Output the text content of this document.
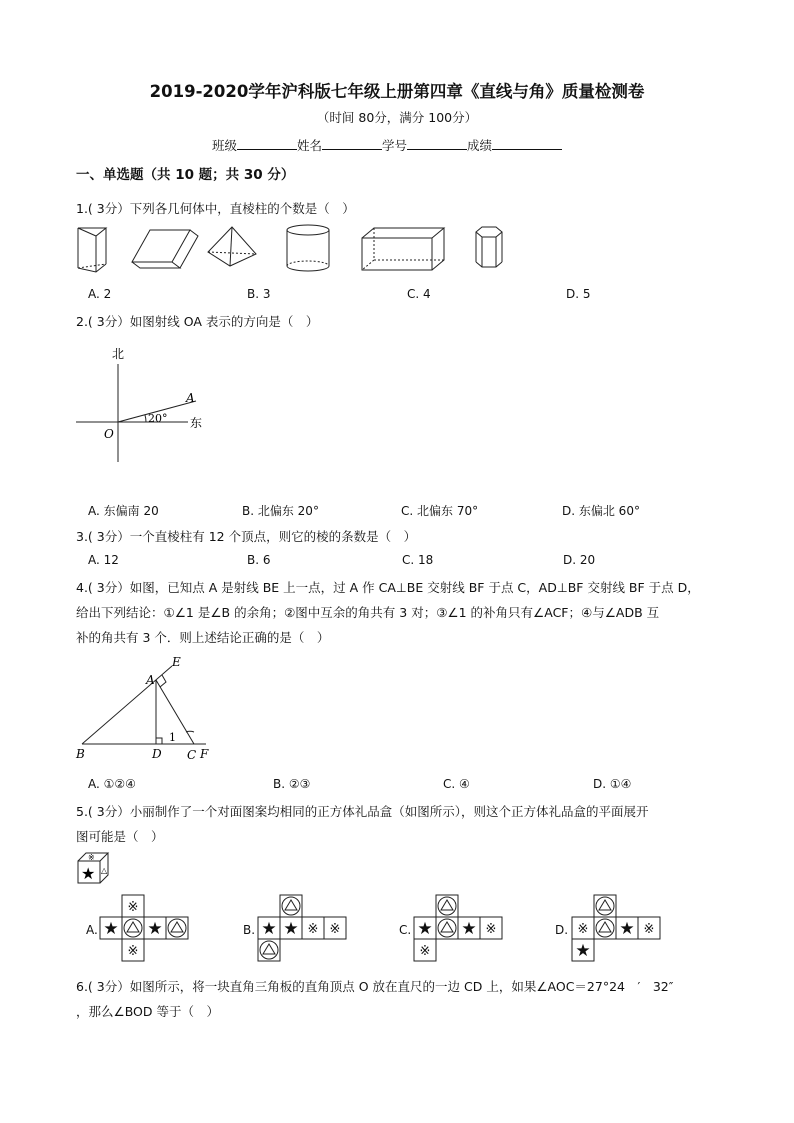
2019-2020学年沪科版七年级上册第四章《直线与角》质量检测卷
（时间 80分，满分 100分）
班级	姓名	学号	成绩
一、单选题（共 10 题；共 30 分）
1.( 3分）下列各几何体中，直棱柱的个数是（　）
A. 2	B. 3	C. 4	D. 5
2.( 3分）如图射线 OA 表示的方向是（　）
北
东
O
A
20°
A. 东偏南 20	B. 北偏东 20°	C. 北偏东 70°	D. 东偏北 60°
3.( 3分）一个直棱柱有 12 个顶点，则它的棱的条数是（　）
A. 12	B. 6	C. 18	D. 20
4.( 3分）如图，已知点 A 是射线 BE 上一点，过 A 作 CA⊥BE 交射线 BF 于点 C，AD⊥BF 交射线 BF 于点 D，
给出下列结论：①∠1 是∠B 的余角；②图中互余的角共有 3 对；③∠1 的补角只有∠ACF；④与∠ADB 互
补的角共有 3 个．则上述结论正确的是（　）
E
A
B	D C F
1
A. ①②④	B. ②③	C. ④	D. ①④
5.( 3分）小丽制作了一个对面图案均相同的正方体礼品盒（如图所示），则这个正方体礼品盒的平面展开
图可能是（　）
★
※
△
A.	B.	C.	D.
※
★ ★
※
★ ★ ※ ※	★ ★ ※
※
※ ★ ※
★
6.( 3分）如图所示，将一块直角三角板的直角顶点 O 放在直尺的一边 CD 上，如果∠AOC＝27°24　′　32″
，那么∠BOD 等于（　）
